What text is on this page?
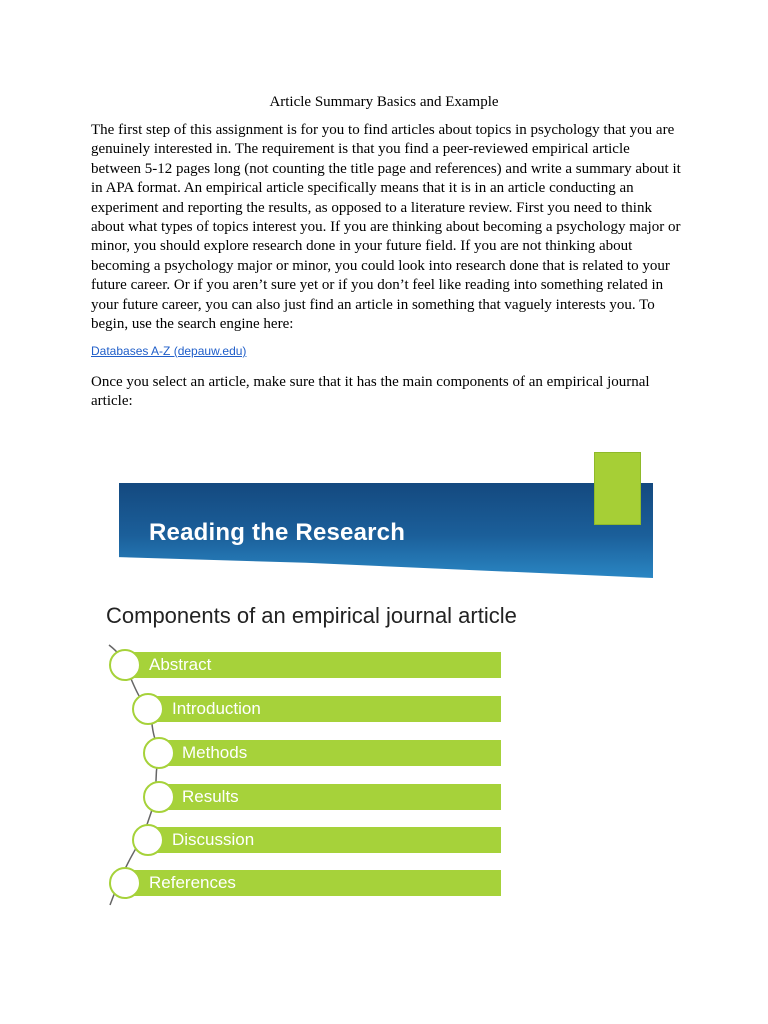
Article Summary Basics and Example

The first step of this assignment is for you to find articles about topics in psychology that you are genuinely interested in. The requirement is that you find a peer-reviewed empirical article between 5-12 pages long (not counting the title page and references) and write a summary about it in APA format. An empirical article specifically means that it is in an article conducting an experiment and reporting the results, as opposed to a literature review. First you need to think about what types of topics interest you. If you are thinking about becoming a psychology major or minor, you should explore research done in your future field. If you are not thinking about becoming a psychology major or minor, you could look into research done that is related to your future career. Or if you aren’t sure yet or if you don’t feel like reading into something related in your future career, you can also just find an article in something that vaguely interests you. To begin, use the search engine here:

Databases A-Z (depauw.edu)

Once you select an article, make sure that it has the main components of an empirical journal article:

Reading the Research
Components of an empirical journal article
Abstract
Introduction
Methods
Results
Discussion
References
